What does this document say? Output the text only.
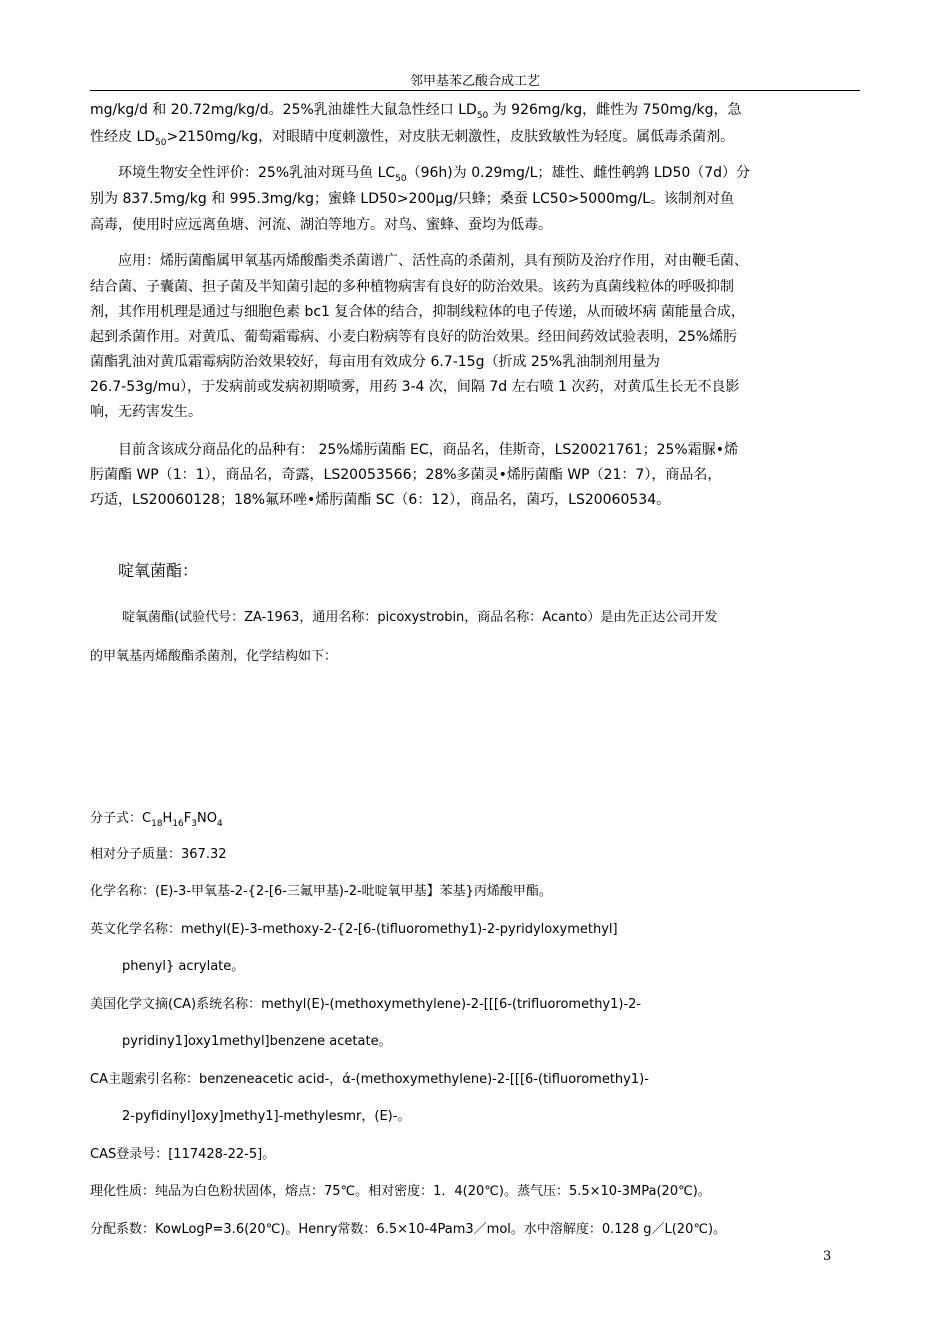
邻甲基苯乙酸合成工艺
mg/kg/d 和 20.72mg/kg/d。25%乳油雄性大鼠急性经口 $LD_{50}$ 为 926mg/kg，雌性为 750mg/kg，急
性经皮 $LD_{50}>2150mg/kg$，对眼睛中度刺激性，对皮肤无刺激性，皮肤致敏性为轻度。属低毒杀菌剂。
环境生物安全性评价：25%乳油对斑马鱼 $LC_{50}(96h)$为 0.29mg/L；雄性、雌性鹌鹑 LD50（7d）分
别为 837.5mg/kg 和 995.3mg/kg；蜜蜂 LD50>200μg/只蜂；桑蚕 LC50>5000mg/L。该制剂对鱼
高毒，使用时应远离鱼塘、河流、湖泊等地方。对鸟、蜜蜂、蚕均为低毒。
应用：烯肟菌酯属甲氧基丙烯酸酯类杀菌谱广、活性高的杀菌剂，具有预防及治疗作用，对由鞭毛菌、
结合菌、子囊菌、担子菌及半知菌引起的多种植物病害有良好的防治效果。该药为真菌线粒体的呼吸抑制
剂，其作用机理是通过与细胞色素 bc1 复合体的结合，抑制线粒体的电子传递，从而破坏病 菌能量合成，
起到杀菌作用。对黄瓜、葡萄霜霉病、小麦白粉病等有良好的防治效果。经田间药效试验表明，25%烯肟
菌酯乳油对黄瓜霜霉病防治效果较好，每亩用有效成分 6.7-15g（折成 25%乳油制剂用量为
26.7-53g/mu），于发病前或发病初期喷雾，用药 3-4 次，间隔 7d 左右喷 1 次药，对黄瓜生长无不良影
响，无药害发生。
目前含该成分商品化的品种有： 25%烯肟菌酯 EC，商品名，佳斯奇，LS20021761；25%霜脲•烯
肟菌酯 WP（1：1），商品名，奇露，LS20053566；28%多菌灵•烯肟菌酯 WP（21：7），商品名，
巧适，LS20060128；18%氟环唑•烯肟菌酯 SC（6：12），商品名，菌巧，LS20060534。
啶氧菌酯：
啶氧菌酯(试验代号：ZA-1963，通用名称：picoxystrobin，商品名称：Acanto）是由先正达公司开发
的甲氧基丙烯酸酯杀菌剂，化学结构如下：
分子式：$C_{18}H_{16}F_3NO_4$
相对分子质量：367.32
化学名称：(E)-3-甲氧基-2-{2-[6-三氟甲基)-2-吡啶氧甲基】苯基}丙烯酸甲酯。
英文化学名称：methyl(E)-3-methoxy-2-{2-[6-(tifluoromethy1)-2-pyridyloxymethyl]
phenyl} acrylate。
美国化学文摘(CA)系统名称：methyl(E)-(methoxymethylene)-2-[[[6-(trifluoromethy1)-2-
pyridiny1]oxy1methyl]benzene acetate。
CA主题索引名称：benzeneacetic acid-，ά-(methoxymethylene)-2-[[[6-(tifluoromethy1)-
2-pyfidinyl]oxy]methy1]-methylesmr，(E)-。
CAS登录号：[117428-22-5]。
理化性质：纯品为白色粉状固体，熔点：75℃。相对密度：1．4(20℃)。蒸气压：5.5×10-3MPa(20℃)。
分配系数：KowLogP=3.6(20℃)。Henry常数：6.5×10-4Pam3／mol。水中溶解度：0.128 g／L(20℃)。
3
